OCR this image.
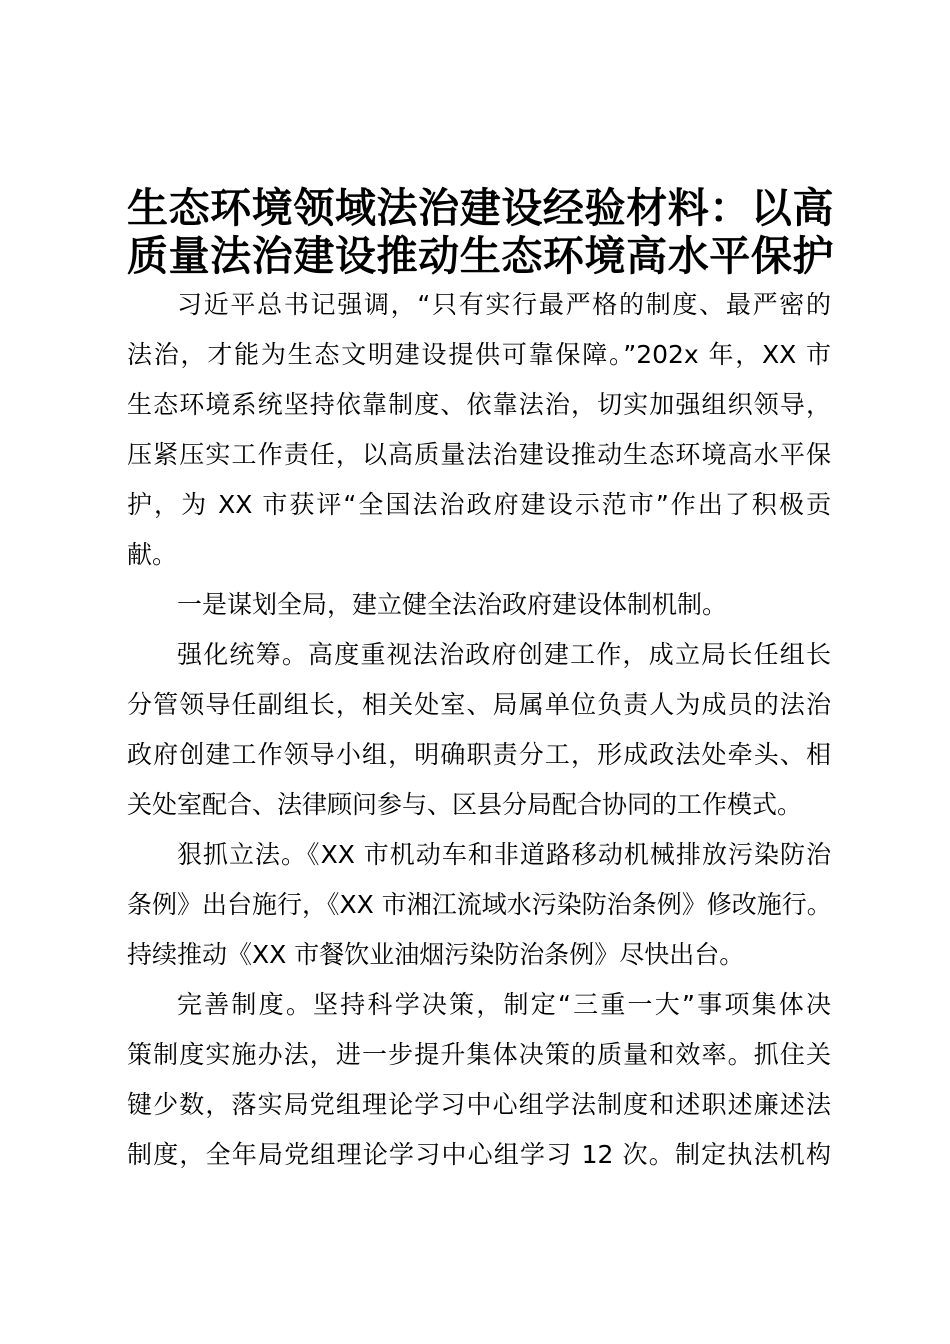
生态环境领域法治建设经验材料：以高
质量法治建设推动生态环境高水平保护
习近平总书记强调，“只有实行最严格的制度、最严密的
法治，才能为生态文明建设提供可靠保障。”202x 年，XX 市
生态环境系统坚持依靠制度、依靠法治，切实加强组织领导，
压紧压实工作责任，以高质量法治建设推动生态环境高水平保
护，为 XX 市获评“全国法治政府建设示范市”作出了积极贡
献。
一是谋划全局，建立健全法治政府建设体制机制。
强化统筹。高度重视法治政府创建工作，成立局长任组长
分管领导任副组长，相关处室、局属单位负责人为成员的法治
政府创建工作领导小组，明确职责分工，形成政法处牵头、相
关处室配合、法律顾问参与、区县分局配合协同的工作模式。
狠抓立法。《XX 市机动车和非道路移动机械排放污染防治
条例》出台施行，《XX 市湘江流域水污染防治条例》修改施行。
持续推动《XX 市餐饮业油烟污染防治条例》尽快出台。
完善制度。坚持科学决策，制定“三重一大”事项集体决
策制度实施办法，进一步提升集体决策的质量和效率。抓住关
键少数，落实局党组理论学习中心组学法制度和述职述廉述法
制度，全年局党组理论学习中心组学习 12 次。制定执法机构
